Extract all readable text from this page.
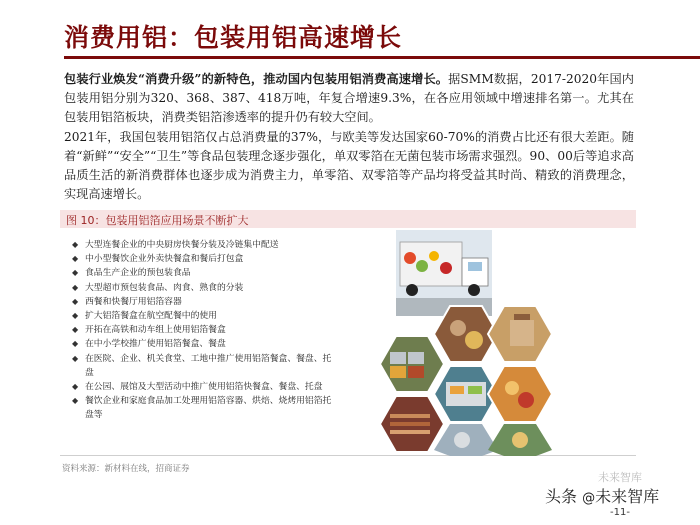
消费用铝：包装用铝高速增长
包装行业焕发“消费升级”的新特色，推动国内包装用铝消费高速增长。据SMM数据，2017-2020年国内包装用铝分别为320、368、387、418万吨，年复合增速9.3%，在各应用领域中增速排名第一。尤其在包装用铝箔板块，消费类铝箔渗透率的提升仍有较大空间。
2021年，我国包装用铝箔仅占总消费量的37%，与欧美等发达国家60-70%的消费占比还有很大差距。随着“新鲜”“安全”“卫生”等食品包装理念逐步强化，单双零箔在无菌包装市场需求强烈。90、00后等追求高品质生活的新消费群体也逐步成为消费主力，单零箔、双零箔等产品均将受益其时尚、精致的消费理念，实现高速增长。
图 10：包装用铝箔应用场景不断扩大
◆ 大型连餐企业的中央厨房快餐分装及冷链集中配送
◆ 中小型餐饮企业外卖快餐盒和餐后打包盒
◆ 食品生产企业的预包装食品
◆ 大型超市预包装食品、肉食、熟食的分装
◆ 西餐和快餐厅用铝箔容器
◆ 扩大铝箔餐盒在航空配餐中的使用
◆ 开拓在高铁和动车组上使用铝箔餐盒
◆ 在中小学校推广使用铝箔餐盒、餐盘
◆ 在医院、企业、机关食堂、工地中推广使用铝箔餐盒、餐盘、托盘
◆ 在公园、展馆及大型活动中推广使用铝箔快餐盒、餐盘、托盘
◆ 餐饮企业和家庭食品加工处理用铝箔容器、烘焙、烧烤用铝箔托盘等
资料来源：新材料在线，招商证券
未来智库
头条 @未来智库
-11-
